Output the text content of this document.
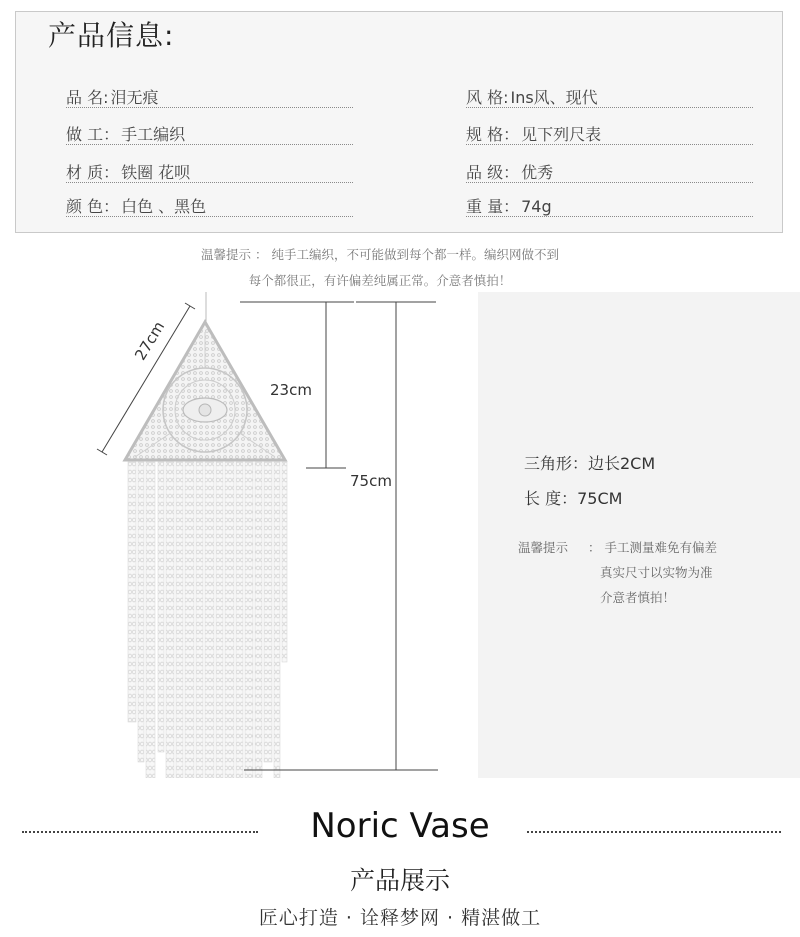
产品信息:
品 名: 泪无痕
做 工： 手工编织
材 质： 铁圈 花呗
颜 色： 白色 、黑色
风 格: Ins风、现代
规 格： 见下列尺表
品 级： 优秀
重 量： 74g
温馨提示 ： 纯手工编织，不可能做到每个都一样。编织网做不到
每个都很正，有许偏差纯属正常。介意者慎拍！
27cm
23cm
75cm
三角形：边长2CM
长 度：75CM
温馨提示 ： 手工测量难免有偏差
真实尺寸以实物为准
介意者慎拍！
Noric Vase
产品展示
匠心打造 · 诠释梦网 · 精湛做工
